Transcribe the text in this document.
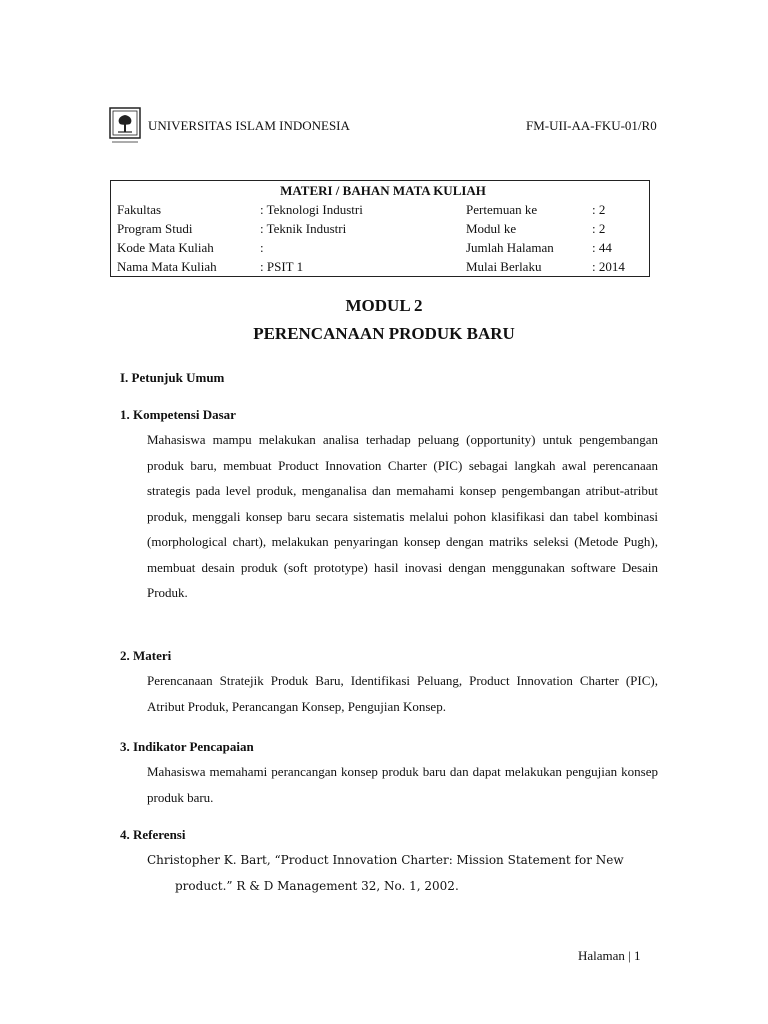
UNIVERSITAS ISLAM INDONESIA	FM-UII-AA-FKU-01/R0
MATERI / BAHAN MATA KULIAH			
Fakultas	: Teknologi Industri	Pertemuan ke	: 2
Program Studi	: Teknik Industri	Modul ke	: 2
Kode Mata Kuliah	:	Jumlah Halaman	: 44
Nama Mata Kuliah	: PSIT 1	Mulai Berlaku	: 2014
MODUL 2
PERENCANAAN PRODUK BARU
I. Petunjuk Umum
1. Kompetensi Dasar
Mahasiswa mampu melakukan analisa terhadap peluang (opportunity) untuk pengembangan produk baru, membuat Product Innovation Charter (PIC) sebagai langkah awal perencanaan strategis pada level produk, menganalisa dan memahami konsep pengembangan atribut-atribut produk, menggali konsep baru secara sistematis melalui pohon klasifikasi dan tabel kombinasi (morphological chart), melakukan penyaringan konsep dengan matriks seleksi (Metode Pugh), membuat desain produk (soft prototype) hasil inovasi dengan menggunakan software Desain Produk.
2. Materi
Perencanaan Stratejik Produk Baru, Identifikasi Peluang, Product Innovation Charter (PIC), Atribut Produk, Perancangan Konsep, Pengujian Konsep.
3. Indikator Pencapaian
Mahasiswa memahami perancangan konsep produk baru dan dapat melakukan pengujian konsep produk baru.
4. Referensi
Christopher K. Bart, “Product Innovation Charter: Mission Statement for New
product.” R & D Management 32, No. 1, 2002.
Halaman | 1
